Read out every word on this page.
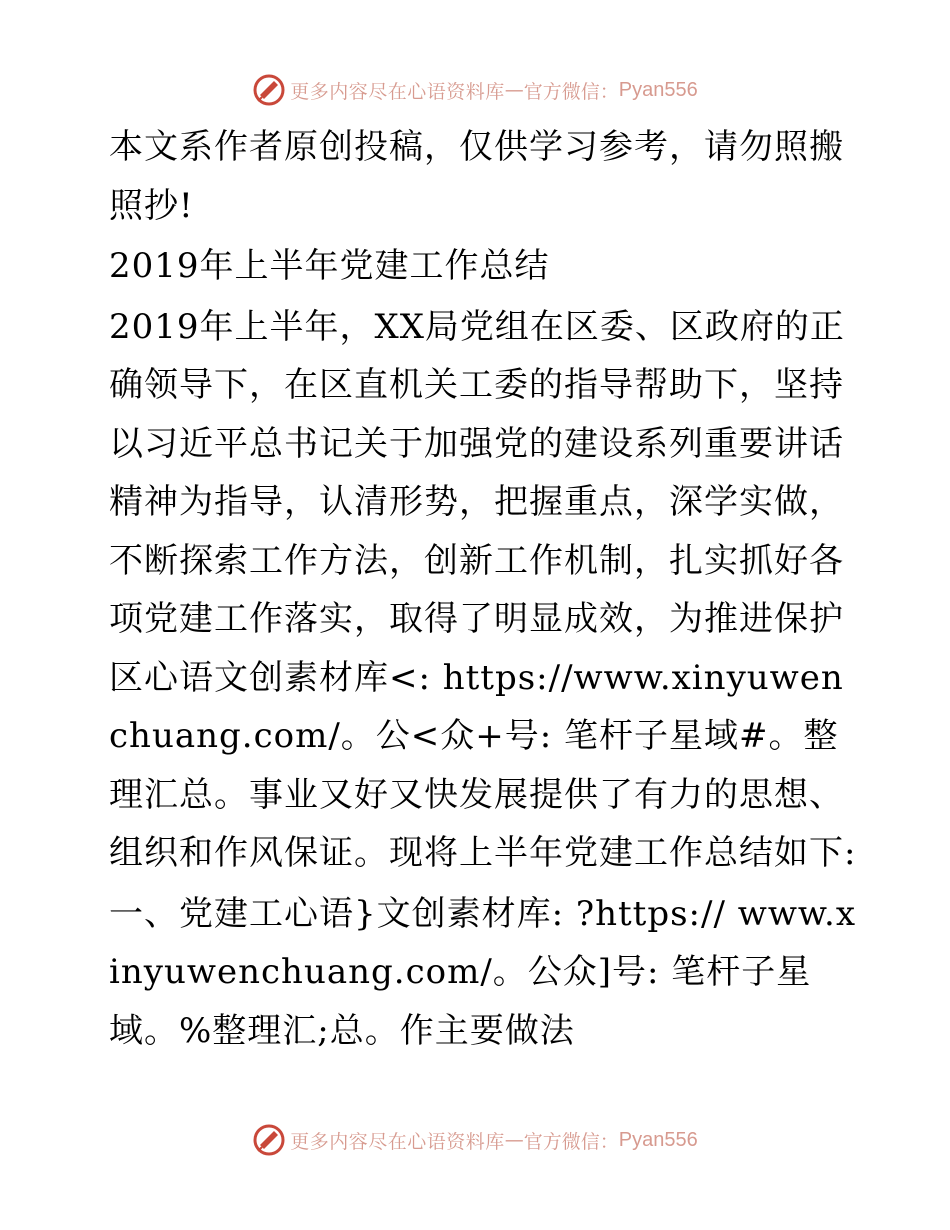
更多内容尽在心语资料库 — 官方微信： Pyan556

本文系作者原创投稿，仅供学习参考，请勿照搬照抄!

2019年上半年党建工作总结

2019年上半年，XX局党组在区委、区政府的正确领导下，在区直机关工委的指导帮助下，坚持以习近平总书记关于加强党的建设系列重要讲话精神为指导，认清形势，把握重点，深学实做，不断探索工作方法，创新工作机制，扎实抓好各项党建工作落实，取得了明显成效，为推进保护区心语文创素材库<: https://www.xinyuwenchuang.com/。公<众+号: 笔杆子星域#。整理汇总。事业又好又快发展提供了有力的思想、组织和作风保证。现将上半年党建工作总结如下:

一、党建工心语}文创素材库: ?https:// www.xinyuwenchuang.com/。公众]号: 笔杆子星域。%整理汇;总。作主要做法

更多内容尽在心语资料库 — 官方微信： Pyan556
